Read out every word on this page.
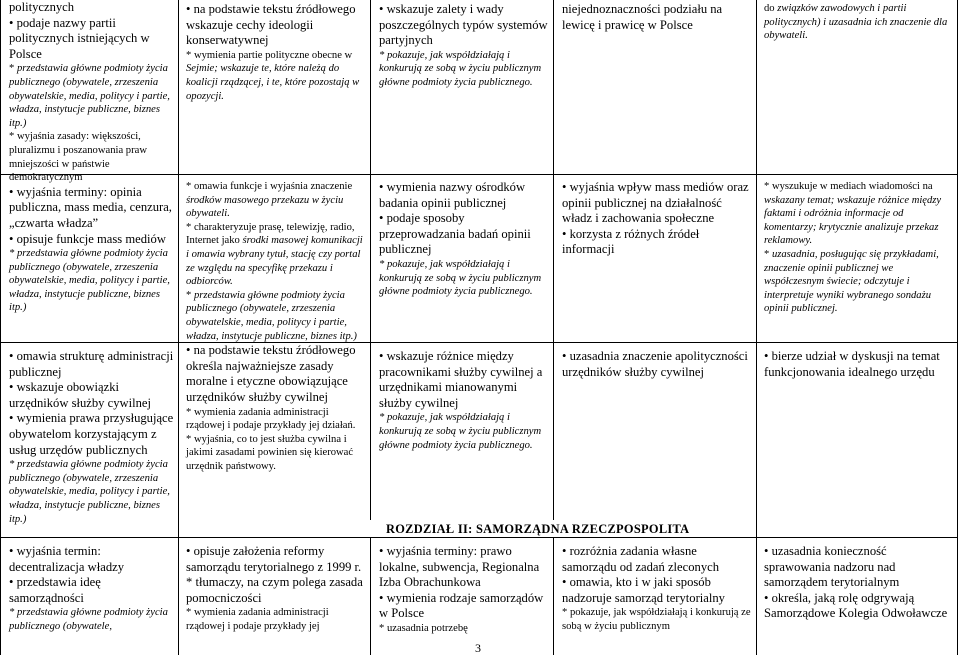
ROZDZIAŁ II: SAMORZĄDNA RZECZPOSPOLITA
3
politycznych
• podaje nazwy partii politycznych istniejących w Polsce
* przedstawia główne podmioty życia publicznego (obywatele, zrzeszenia obywatelskie, media, politycy i partie, władza, instytucje publiczne, biznes itp.)
* wyjaśnia zasady: większości, pluralizmu i poszanowania praw mniejszości w państwie demokratycznym
• wyjaśnia terminy: opinia publiczna, mass media, cenzura, „czwarta władza”
• opisuje funkcje mass mediów
* przedstawia główne podmioty życia publicznego (obywatele, zrzeszenia obywatelskie, media, politycy i partie, władza, instytucje publiczne, biznes itp.)
• na podstawie tekstu źródłowego wskazuje cechy ideologii konserwatywnej
* wymienia partie polityczne obecne w Sejmie; wskazuje te, które należą do koalicji rządzącej, i te, które pozostają w opozycji.
• wskazuje zalety i wady poszczególnych typów systemów partyjnych
* pokazuje, jak współdziałają i konkurują ze sobą w życiu publicznym główne podmioty życia publicznego.
niejednoznaczności podziału na lewicę i prawicę w Polsce
do związków zawodowych i partii politycznych) i uzasadnia ich znaczenie dla obywateli.
* omawia funkcje i wyjaśnia znaczenie środków masowego przekazu w życiu obywateli.
* charakteryzuje prasę, telewizję, radio, Internet jako środki masowej komunikacji i omawia wybrany tytuł, stację czy portal ze względu na specyfikę przekazu i odbiorców.
* przedstawia główne podmioty życia publicznego (obywatele, zrzeszenia obywatelskie, media, politycy i partie, władza, instytucje publiczne, biznes itp.)
• na podstawie tekstu źródłowego określa najważniejsze zasady moralne i etyczne obowiązujące urzędników służby cywilnej
* wymienia zadania administracji rządowej i podaje przykłady jej działań.
* wyjaśnia, co to jest służba cywilna i jakimi zasadami powinien się kierować urzędnik państwowy.
• wymienia nazwy ośrodków badania opinii publicznej
• podaje sposoby przeprowadzania badań opinii publicznej
* pokazuje, jak współdziałają i konkurują ze sobą w życiu publicznym główne podmioty życia publicznego.
• wyjaśnia wpływ mass mediów oraz opinii publicznej na działalność władz i zachowania społeczne
• korzysta z różnych źródeł informacji
* wyszukuje w mediach wiadomości na wskazany temat; wskazuje różnice między faktami i odróżnia informacje od komentarzy; krytycznie analizuje przekaz reklamowy.
* uzasadnia, posługując się przykładami, znaczenie opinii publicznej we współczesnym świecie; odczytuje i interpretuje wyniki wybranego sondażu opinii publicznej.
• omawia strukturę administracji publicznej
• wskazuje obowiązki urzędników służby cywilnej
• wymienia prawa przysługujące obywatelom korzystającym z usług urzędów publicznych
* przedstawia główne podmioty życia publicznego (obywatele, zrzeszenia obywatelskie, media, politycy i partie, władza, instytucje publiczne, biznes itp.)
• wskazuje różnice między pracownikami służby cywilnej a urzędnikami mianowanymi służby cywilnej
* pokazuje, jak współdziałają i konkurują ze sobą w życiu publicznym główne podmioty życia publicznego.
• uzasadnia znaczenie apolityczności urzędników służby cywilnej
• bierze udział w dyskusji na temat funkcjonowania idealnego urzędu
• wyjaśnia termin: decentralizacja władzy
• przedstawia ideę samorządności
* przedstawia główne podmioty życia publicznego (obywatele,
• opisuje założenia reformy samorządu terytorialnego z 1999 r.
* tłumaczy, na czym polega zasada pomocniczości
* wymienia zadania administracji rządowej i podaje przykłady jej
• wyjaśnia terminy: prawo lokalne, subwencja, Regionalna Izba Obrachunkowa
• wymienia rodzaje samorządów w Polsce
* uzasadnia potrzebę
• rozróżnia zadania własne samorządu od zadań zleconych
• omawia, kto i w jaki sposób nadzoruje samorząd terytorialny
* pokazuje, jak współdziałają i konkurują ze sobą w życiu publicznym
• uzasadnia konieczność sprawowania nadzoru nad samorządem terytorialnym
• określa, jaką rolę odgrywają Samorządowe Kolegia Odwoławcze
